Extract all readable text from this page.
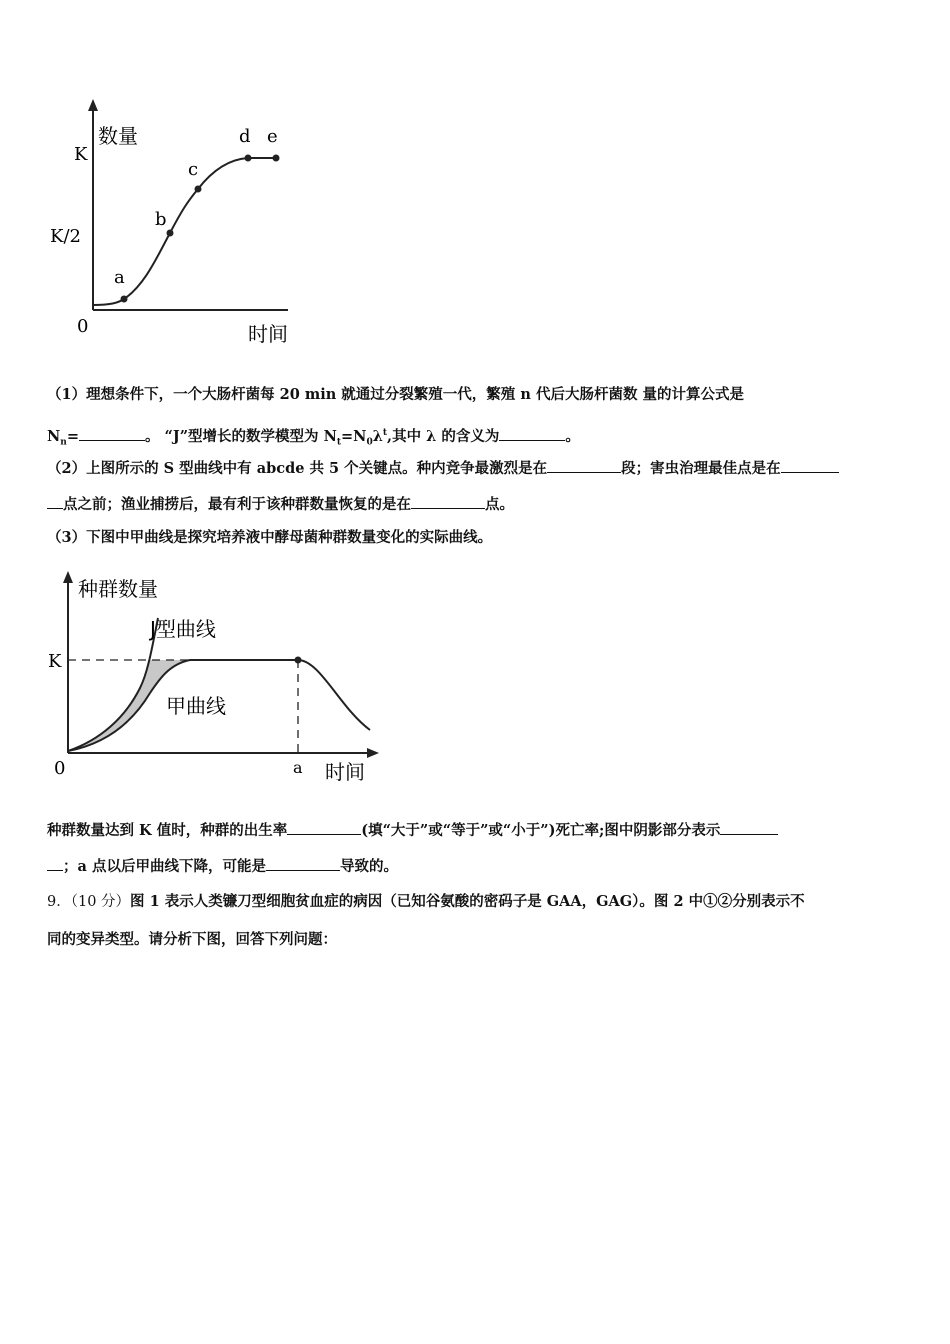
数量
K
K/2
0	时间
a
b
c
d e
（1）理想条件下，一个大肠杆菌每 20 min 就通过分裂繁殖一代，繁殖 n 代后大肠杆菌数 量的计算公式是
$N_n=$	。 “J”型增长的数学模型为 $N_t=N_0\lambda^t$,其中 λ 的含义为	。
（2）上图所示的 S 型曲线中有 abcde 共 5 个关键点。种内竞争最激烈是在	段；害虫治理最佳点是在
点之前；渔业捕捞后，最有利于该种群数量恢复的是在	点。
（3）下图中甲曲线是探究培养液中酵母菌种群数量变化的实际曲线。
种群数量
J型曲线
K
甲曲线
0	a 时间
种群数量达到 K 值时，种群的出生率	(填“大于”或“等于”或“小于”)死亡率;图中阴影部分表示
；a 点以后甲曲线下降，可能是	导致的。
9．（10 分）图 1 表示人类镰刀型细胞贫血症的病因（已知谷氨酸的密码子是 GAA，GAG）。图 2 中①②分别表示不
同的变异类型。请分析下图，回答下列问题：
